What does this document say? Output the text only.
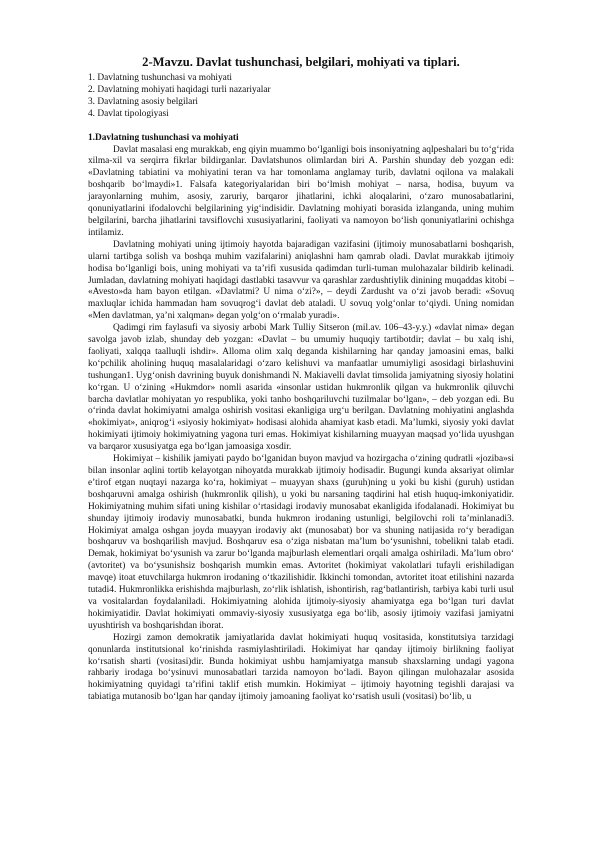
2-Mavzu. Davlat tushunchasi, belgilari, mohiyati va tiplari.
1. Davlatning tushunchasi va mohiyati
2. Davlatning mohiyati haqidagi turli nazariyalar
3. Davlatning asosiy belgilari
4. Davlat tipologiyasi
1.Davlatning tushunchasi va mohiyati

Davlat masalasi eng murakkab, eng qiyin muammo bo‘lganligi bois insoniyatning aqlpeshalari bu to‘g‘rida xilma-xil va serqirra fikrlar bildirganlar. Davlatshunos olimlardan biri A. Parshin shunday deb yozgan edi: «Davlatning tabiatini va mohiyatini teran va har tomonlama anglamay turib, davlatni oqilona va malakali boshqarib bo‘lmaydi»1. Falsafa kategoriyalaridan biri bo‘lmish mohiyat – narsa, hodisa, buyum va jarayonlarning muhim, asosiy, zaruriy, barqaror jihatlarini, ichki aloqalarini, o‘zaro munosabatlarini, qonuniyatlarini ifodalovchi belgilarining yig‘indisidir. Davlatning mohiyati borasida izlanganda, uning muhim belgilarini, barcha jihatlarini tavsiflovchi xususiyatlarini, faoliyati va namoyon bo‘lish qonuniyatlarini ochishga intilamiz.

Davlatning mohiyati uning ijtimoiy hayotda bajaradigan vazifasini (ijtimoiy munosabatlarni boshqarish, ularni tartibga solish va boshqa muhim vazifalarini) aniqlashni ham qamrab oladi. Davlat murakkab ijtimoiy hodisa bo‘lganligi bois, uning mohiyati va ta’rifi xususida qadimdan turli-tuman mulohazalar bildirib kelinadi. Jumladan, davlatning mohiyati haqidagi dastlabki tasavvur va qarashlar zardushtiylik dinining muqaddas kitobi – «Avesto»da ham bayon etilgan. «Davlatmi? U nima o‘zi?», – deydi Zardusht va o‘zi javob beradi: «Sovuq maxluqlar ichida hammadan ham sovuqrog‘i davlat deb ataladi. U sovuq yolg‘onlar to‘qiydi. Uning nomidan «Men davlatman, ya’ni xalqman» degan yolg‘on o‘rmalab yuradi».

Qadimgi rim faylasufi va siyosiy arbobi Mark Tulliy Sitseron (mil.av. 106–43-y.y.) «davlat nima» degan savolga javob izlab, shunday deb yozgan: «Davlat – bu umumiy huquqiy tartibotdir; davlat – bu xalq ishi, faoliyati, xalqqa taalluqli ishdir». Alloma olim xalq deganda kishilarning har qanday jamoasini emas, balki ko‘pchilik aholining huquq masalalaridagi o‘zaro kelishuvi va manfaatlar umumiyligi asosidagi birlashuvini tushungan1. Uyg‘onish davrining buyuk donishmandi N. Makiavelli davlat timsolida jamiyatning siyosiy holatini ko‘rgan. U o‘zining «Hukmdor» nomli asarida «insonlar ustidan hukmronlik qilgan va hukmronlik qiluvchi barcha davlatlar mohiyatan yo respublika, yoki tanho boshqariluvchi tuzilmalar bo‘lgan», – deb yozgan edi. Bu o‘rinda davlat hokimiyatni amalga oshirish vositasi ekanligiga urg‘u berilgan. Davlatning mohiyatini anglashda «hokimiyat», aniqrog‘i «siyosiy hokimiyat» hodisasi alohida ahamiyat kasb etadi. Ma’lumki, siyosiy yoki davlat hokimiyati ijtimoiy hokimiyatning yagona turi emas. Hokimiyat kishilarning muayyan maqsad yo‘lida uyushgan va barqaror xususiyatga ega bo‘lgan jamoasiga xosdir.

Hokimiyat – kishilik jamiyati paydo bo‘lganidan buyon mavjud va hozirgacha o‘zining qudratli «joziba»si bilan insonlar aqlini tortib kelayotgan nihoyatda murakkab ijtimoiy hodisadir. Bugungi kunda aksariyat olimlar e’tirof etgan nuqtayi nazarga ko‘ra, hokimiyat – muayyan shaxs (guruh)ning u yoki bu kishi (guruh) ustidan boshqaruvni amalga oshirish (hukmronlik qilish), u yoki bu narsaning taqdirini hal etish huquq-imkoniyatidir. Hokimiyatning muhim sifati uning kishilar o‘rtasidagi irodaviy munosabat ekanligida ifodalanadi. Hokimiyat bu shunday ijtimoiy irodaviy munosabatki, bunda hukmron irodaning ustunligi, belgilovchi roli ta’minlanadi3. Hokimiyat amalga oshgan joyda muayyan irodaviy akt (munosabat) bor va shuning natijasida ro‘y beradigan boshqaruv va boshqarilish mavjud. Boshqaruv esa o‘ziga nisbatan ma’lum bo‘ysunishni, tobelikni talab etadi. Demak, hokimiyat bo‘ysunish va zarur bo‘lganda majburlash elementlari orqali amalga oshiriladi. Ma’lum obro‘ (avtoritet) va bo‘ysunishsiz boshqarish mumkin emas. Avtoritet (hokimiyat vakolatlari tufayli erishiladigan mavqe) itoat etuvchilarga hukmron irodaning o‘tkazilishidir. Ikkinchi tomondan, avtoritet itoat etilishini nazarda tutadi4. Hukmronlikka erishishda majburlash, zo‘rlik ishlatish, ishontirish, rag‘batlantirish, tarbiya kabi turli usul va vositalardan foydalaniladi. Hokimiyatning alohida ijtimoiy-siyosiy ahamiyatga ega bo‘lgan turi davlat hokimiyatidir. Davlat hokimiyati ommaviy-siyosiy xususiyatga ega bo‘lib, asosiy ijtimoiy vazifasi jamiyatni uyushtirish va boshqarishdan iborat.

Hozirgi zamon demokratik jamiyatlarida davlat hokimiyati huquq vositasida, konstitutsiya tarzidagi qonunlarda institutsional ko‘rinishda rasmiylashtiriladi. Hokimiyat har qanday ijtimoiy birlikning faoliyat ko‘rsatish sharti (vositasi)dir. Bunda hokimiyat ushbu hamjamiyatga mansub shaxslarning undagi yagona rahbariy irodaga bo‘ysinuvi munosabatlari tarzida namoyon bo‘ladi. Bayon qilingan mulohazalar asosida hokimiyatning quyidagi ta’rifini taklif etish mumkin. Hokimiyat – ijtimoiy hayotning tegishli darajasi va tabiatiga mutanosib bo‘lgan har qanday ijtimoiy jamoaning faoliyat ko‘rsatish usuli (vositasi) bo‘lib, u
